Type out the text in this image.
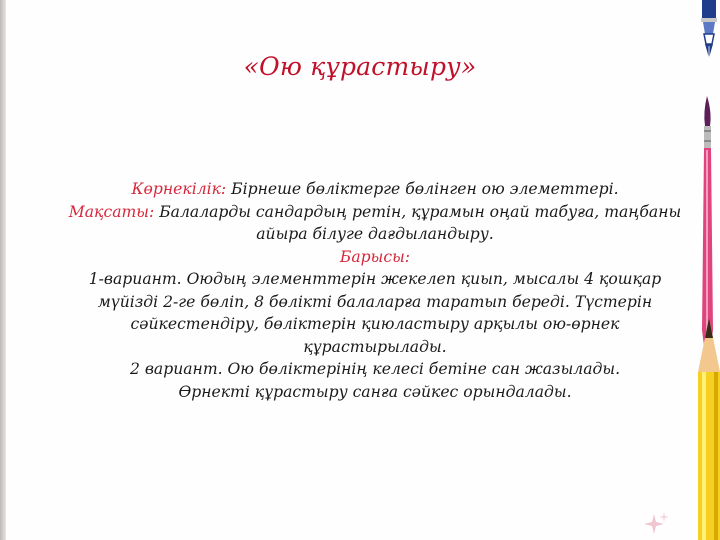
«Ою құрастыру»
Көрнекілік: Бірнеше бөліктерге бөлінген ою элеметтері.
Мақсаты: Балаларды сандардың ретін, құрамын оңай табуға, таңбаны айыра білуге дағдыландыру.
Барысы:
1-вариант. Оюдың элементтерін жекелеп қиып, мысалы 4 қошқар мүйізді 2-ге бөліп, 8 бөлікті балаларға таратып береді. Түстерін сәйкестендіру, бөліктерін қиюластыру арқылы ою-өрнек құрастырылады.
2 вариант. Ою бөліктерінің келесі бетіне сан жазылады.
Өрнекті құрастыру санға сәйкес орындалады.
